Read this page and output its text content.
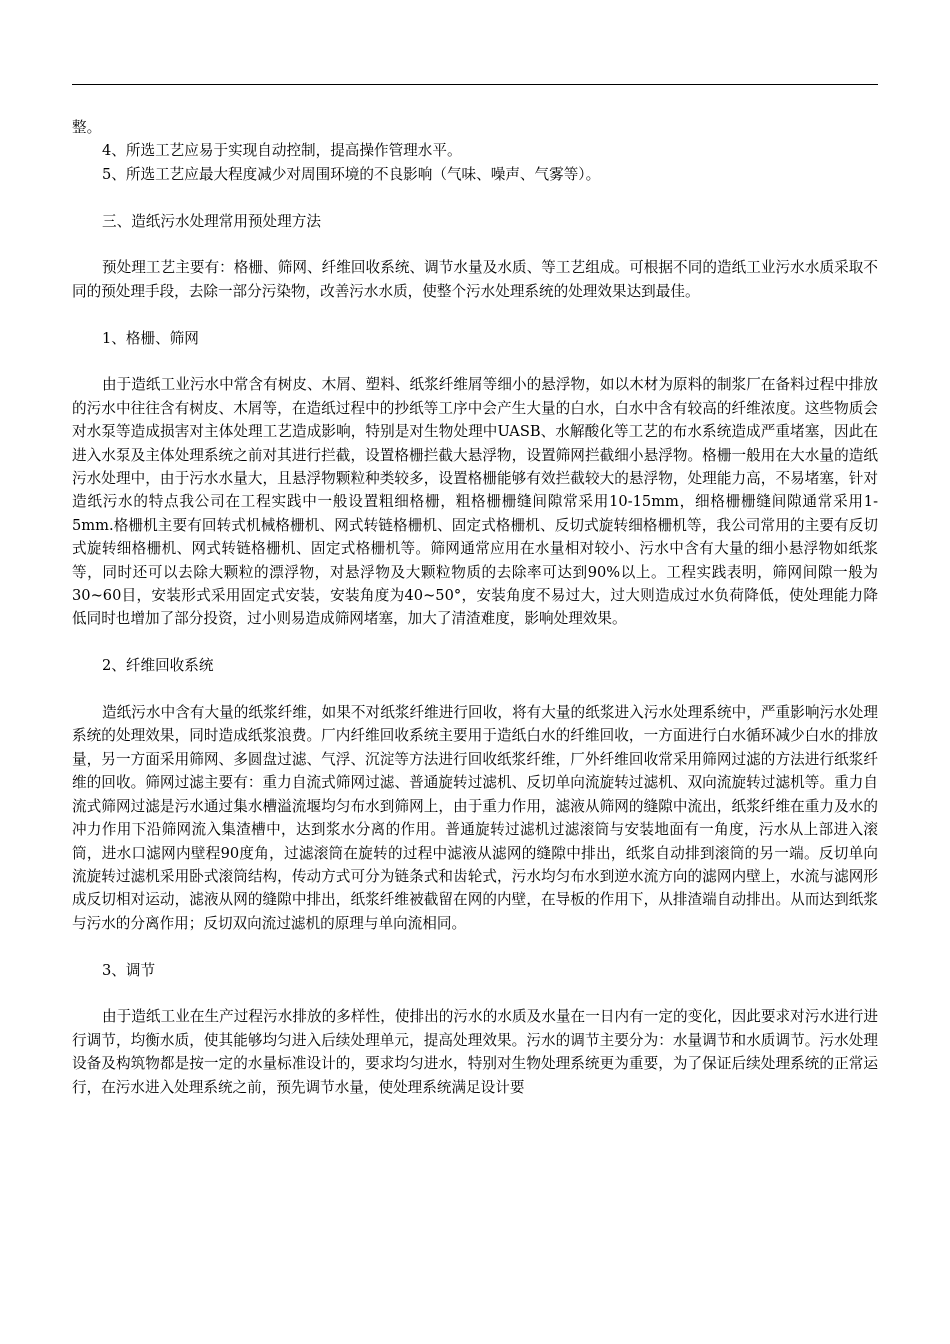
整。

4、所选工艺应易于实现自动控制，提高操作管理水平。

5、所选工艺应最大程度减少对周围环境的不良影响（气味、噪声、气雾等）。

三、造纸污水处理常用预处理方法

预处理工艺主要有：格栅、筛网、纤维回收系统、调节水量及水质、等工艺组成。可根据不同的造纸工业污水水质采取不同的预处理手段，去除一部分污染物，改善污水水质，使整个污水处理系统的处理效果达到最佳。

1、格栅、筛网

由于造纸工业污水中常含有树皮、木屑、塑料、纸浆纤维屑等细小的悬浮物，如以木材为原料的制浆厂在备料过程中排放的污水中往往含有树皮、木屑等，在造纸过程中的抄纸等工序中会产生大量的白水，白水中含有较高的纤维浓度。这些物质会对水泵等造成损害对主体处理工艺造成影响，特别是对生物处理中UASB、水解酸化等工艺的布水系统造成严重堵塞，因此在进入水泵及主体处理系统之前对其进行拦截，设置格栅拦截大悬浮物，设置筛网拦截细小悬浮物。格栅一般用在大水量的造纸污水处理中，由于污水水量大，且悬浮物颗粒种类较多，设置格栅能够有效拦截较大的悬浮物，处理能力高，不易堵塞，针对造纸污水的特点我公司在工程实践中一般设置粗细格栅，粗格栅栅缝间隙常采用10-15mm，细格栅栅缝间隙通常采用1-5mm.格栅机主要有回转式机械格栅机、网式转链格栅机、固定式格栅机、反切式旋转细格栅机等，我公司常用的主要有反切式旋转细格栅机、网式转链格栅机、固定式格栅机等。筛网通常应用在水量相对较小、污水中含有大量的细小悬浮物如纸浆等，同时还可以去除大颗粒的漂浮物，对悬浮物及大颗粒物质的去除率可达到90%以上。工程实践表明，筛网间隙一般为30~60目，安装形式采用固定式安装，安装角度为40~50°，安装角度不易过大，过大则造成过水负荷降低，使处理能力降低同时也增加了部分投资，过小则易造成筛网堵塞，加大了清渣难度，影响处理效果。

2、纤维回收系统

造纸污水中含有大量的纸浆纤维，如果不对纸浆纤维进行回收，将有大量的纸浆进入污水处理系统中，严重影响污水处理系统的处理效果，同时造成纸浆浪费。厂内纤维回收系统主要用于造纸白水的纤维回收，一方面进行白水循环减少白水的排放量，另一方面采用筛网、多圆盘过滤、气浮、沉淀等方法进行回收纸浆纤维，厂外纤维回收常采用筛网过滤的方法进行纸浆纤维的回收。筛网过滤主要有：重力自流式筛网过滤、普通旋转过滤机、反切单向流旋转过滤机、双向流旋转过滤机等。重力自流式筛网过滤是污水通过集水槽溢流堰均匀布水到筛网上，由于重力作用，滤液从筛网的缝隙中流出，纸浆纤维在重力及水的冲力作用下沿筛网流入集渣槽中，达到浆水分离的作用。普通旋转过滤机过滤滚筒与安装地面有一角度，污水从上部进入滚筒，进水口滤网内壁程90度角，过滤滚筒在旋转的过程中滤液从滤网的缝隙中排出，纸浆自动排到滚筒的另一端。反切单向流旋转过滤机采用卧式滚筒结构，传动方式可分为链条式和齿轮式，污水均匀布水到逆水流方向的滤网内壁上，水流与滤网形成反切相对运动，滤液从网的缝隙中排出，纸浆纤维被截留在网的内壁，在导板的作用下，从排渣端自动排出。从而达到纸浆与污水的分离作用；反切双向流过滤机的原理与单向流相同。

3、调节

由于造纸工业在生产过程污水排放的多样性，使排出的污水的水质及水量在一日内有一定的变化，因此要求对污水进行进行调节，均衡水质，使其能够均匀进入后续处理单元，提高处理效果。污水的调节主要分为：水量调节和水质调节。污水处理设备及构筑物都是按一定的水量标准设计的，要求均匀进水，特别对生物处理系统更为重要，为了保证后续处理系统的正常运行，在污水进入处理系统之前，预先调节水量，使处理系统满足设计要
